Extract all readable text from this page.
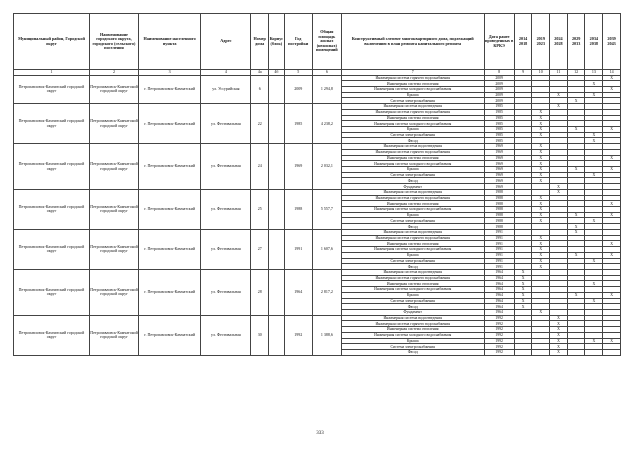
Муниципальный район, Городской округ	Наименование городского округа, городского (сельского) поселения	Наименование населенного пункта	Адрес	Номер дома	Корпус (блок)	Год постройки	Общая площадь жилых (нежилых) помещений	Конструктивный элемент многоквартирного дома, подлежащий включению в план ремонта капитального ремонта	Дата ранее проведенных в КРКЭ	2014 2018	2019 2023	2024 2028	2029 2033	2034 2038	2039 2043
1	2	3	4	4а	4б	5	6	7	8	9	10	11	12	13	14
Петропавловск-Камчатский городской округ	Петропавловск-Камчатский городской округ	г. Петропавловск-Камчатский	ул. Уссурийская	6		2009	1 294,8	Инженерная система горячего водоснабжения	2009						X
								Инженерная система отопления	2009					X	
								Инженерная система холодного водоснабжения	2009						X
								Крыша	2009			X		X	
								Система электроснабжения	2009				X		
Петропавловск-Камчатский городской округ	Петропавловск-Камчатский городской округ	г. Петропавловск-Камчатский	ул. Фестивальная	22		1985	4 238,2	Инженерная система водоотведения	1985			X			
								Инженерная система горячего водоснабжения	1985		X				
								Инженерная система отопления	1985		X				
								Инженерная система холодного водоснабжения	1985		X				
								Крыша	1985		X		X		X
								Система электроснабжения	1985		X			X	
								Фасад	1985					X	
Петропавловск-Камчатский городской округ	Петропавловск-Камчатский городской округ	г. Петропавловск-Камчатский	ул. Фестивальная	24		1969	2 032,1	Инженерная система водоотведения	1969		X				
								Инженерная система горячего водоснабжения	1969		X				
								Инженерная система отопления	1969		X				X
								Инженерная система холодного водоснабжения	1969		X				
								Крыша	1969		X		X		X
								Система электроснабжения	1969		X			X	
								Фасад	1969		X				
								Фундамент	1969			X			
Петропавловск-Камчатский городской округ	Петропавловск-Камчатский городской округ	г. Петропавловск-Камчатский	ул. Фестивальная	25		1988	5 557,7	Инженерная система водоотведения	1988			X			
								Инженерная система горячего водоснабжения	1988		X				
								Инженерная система отопления	1988		X				X
								Инженерная система холодного водоснабжения	1988		X				
								Крыша	1988		X		X		X
								Система электроснабжения	1988		X			X	
								Фасад	1988				X		
Петропавловск-Камчатский городской округ	Петропавловск-Камчатский городской округ	г. Петропавловск-Камчатский	ул. Фестивальная	27		1991	1 607,6	Инженерная система водоотведения	1991				X		
								Инженерная система горячего водоснабжения	1991		X				
								Инженерная система отопления	1991		X				X
								Инженерная система холодного водоснабжения	1991		X				
								Крыша	1991		X		X		X
								Система электроснабжения	1991		X			X	
								Фасад	1991		X				
Петропавловск-Камчатский городской округ	Петропавловск-Камчатский городской округ	г. Петропавловск-Камчатский	ул. Фестивальная	28		1964	2 817,2	Инженерная система водоотведения	1964	X					
								Инженерная система горячего водоснабжения	1964	X					
								Инженерная система отопления	1964	X				X	
								Инженерная система холодного водоснабжения	1964	X					
								Крыша	1964	X			X		X
								Система электроснабжения	1964	X				X	
								Фасад	1964	X					
								Фундамент	1964		X				
Петропавловск-Камчатский городской округ	Петропавловск-Камчатский городской округ	г. Петропавловск-Камчатский	ул. Фестивальная	30		1992	1 388,6	Инженерная система водоотведения	1992			X			
								Инженерная система горячего водоснабжения	1992			X			
								Инженерная система отопления	1992			X			
								Инженерная система холодного водоснабжения	1992			X			
								Крыша	1992			X		X	X
								Система электроснабжения	1992			X			
								Фасад	1992			X			
333
